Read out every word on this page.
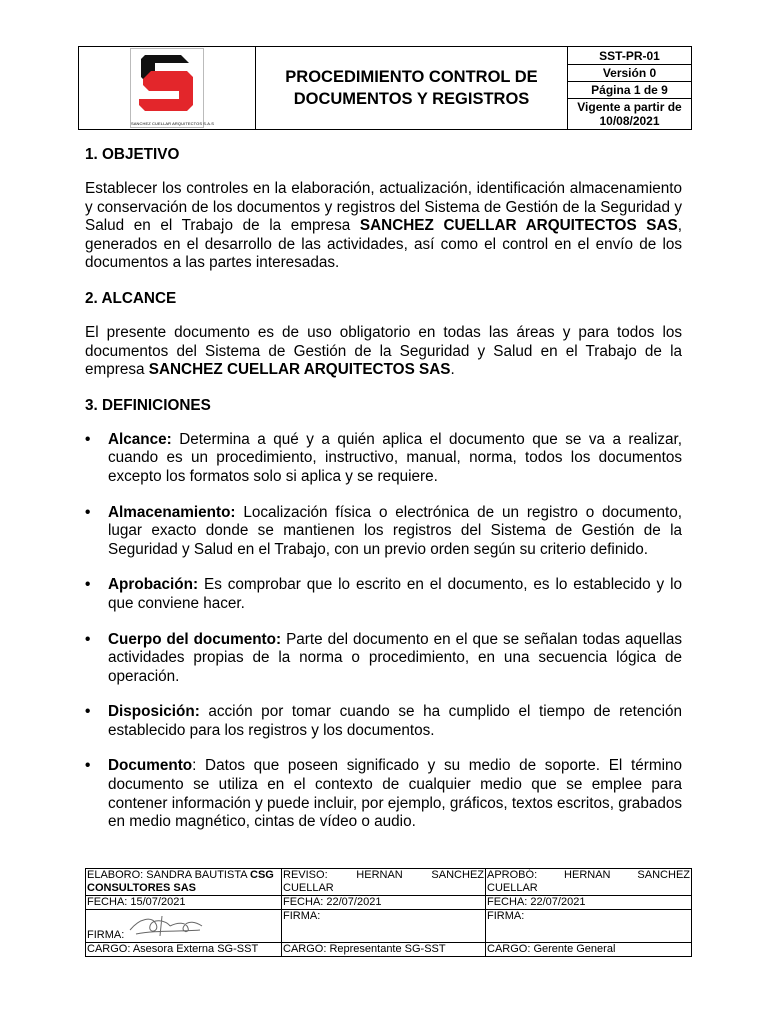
SANCHEZ CUELLAR ARQUITECTOS S.A.S

PROCEDIMIENTO CONTROL DE
DOCUMENTOS Y REGISTROS

SST-PR-01
Versión 0
Página 1 de 9

Vigente a partir de
10/08/2021

1. OBJETIVO

Establecer los controles en la elaboración, actualización, identificación almacenamiento y conservación de los documentos y registros del Sistema de Gestión de la Seguridad y Salud en el Trabajo de la empresa SANCHEZ CUELLAR ARQUITECTOS SAS, generados en el desarrollo de las actividades, así como el control en el envío de los documentos a las partes interesadas.

2. ALCANCE

El presente documento es de uso obligatorio en todas las áreas y para todos los documentos del Sistema de Gestión de la Seguridad y Salud en el Trabajo de la empresa SANCHEZ CUELLAR ARQUITECTOS SAS.

3. DEFINICIONES
• Alcance: Determina a qué y a quién aplica el documento que se va a realizar, cuando es un procedimiento, instructivo, manual, norma, todos los documentos excepto los formatos solo si aplica y se requiere.
• Almacenamiento: Localización física o electrónica de un registro o documento, lugar exacto donde se mantienen los registros del Sistema de Gestión de la Seguridad y Salud en el Trabajo, con un previo orden según su criterio definido.
• Aprobación: Es comprobar que lo escrito en el documento, es lo establecido y lo que conviene hacer.
• Cuerpo del documento: Parte del documento en el que se señalan todas aquellas actividades propias de la norma o procedimiento, en una secuencia lógica de operación.
• Disposición: acción por tomar cuando se ha cumplido el tiempo de retención establecido para los registros y los documentos.
• Documento: Datos que poseen significado y su medio de soporte. El término documento se utiliza en el contexto de cualquier medio que se emplee para contener información y puede incluir, por ejemplo, gráficos, textos escritos, grabados en medio magnético, cintas de vídeo o audio.
ELABORO: SANDRA BAUTISTA CSG CONSULTORES SAS	REVISO: HERNAN SANCHEZ CUELLAR	APROBÓ: HERNAN SANCHEZ CUELLAR
FECHA: 15/07/2021	FECHA: 22/07/2021	FECHA: 22/07/2021

FIRMA:	FIRMA:	FIRMA:

CARGO: Asesora Externa SG-SST	CARGO: Representante SG-SST	CARGO: Gerente General
